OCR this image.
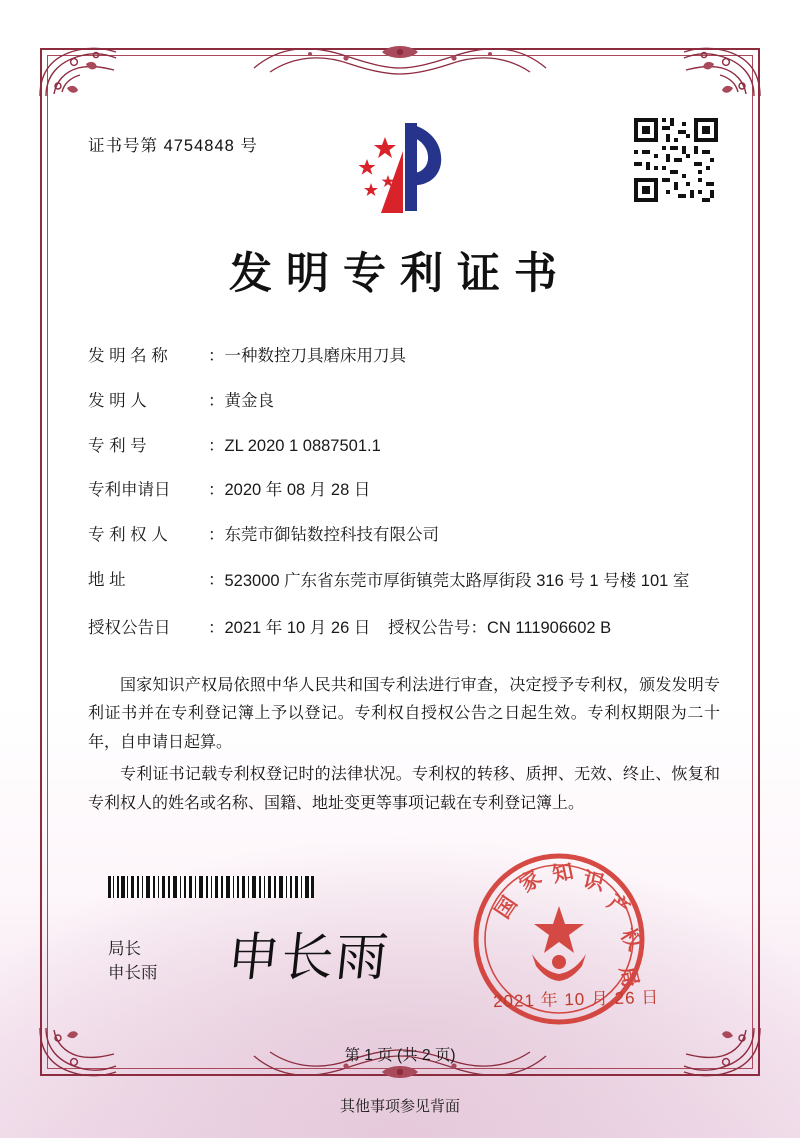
证书号第 4754848 号
发明专利证书
发 明 名 称	： 一种数控刀具磨床用刀具
发 明 人	： 黄金良
专 利 号	： ZL 2020 1 0887501.1
专利申请日	： 2020 年 08 月 28 日
专 利 权 人	： 东莞市御钻数控科技有限公司
地 址	： 523000 广东省东莞市厚街镇莞太路厚街段 316 号 1 号楼 101 室
授权公告日	： 2021 年 10 月 26 日	授权公告号 ： CN 111906602 B

国家知识产权局依照中华人民共和国专利法进行审查，决定授予专利权，颁发发明专利证书并在专利登记簿上予以登记。专利权自授权公告之日起生效。专利权期限为二十年，自申请日起算。

专利证书记载专利权登记时的法律状况。专利权的转移、质押、无效、终止、恢复和专利权人的姓名或名称、国籍、地址变更等事项记载在专利登记簿上。

局长
申长雨 申长雨
国
家 知 识
产
权
局
2021 年 10 月 26 日
第 1 页 (共 2 页)
其他事项参见背面
